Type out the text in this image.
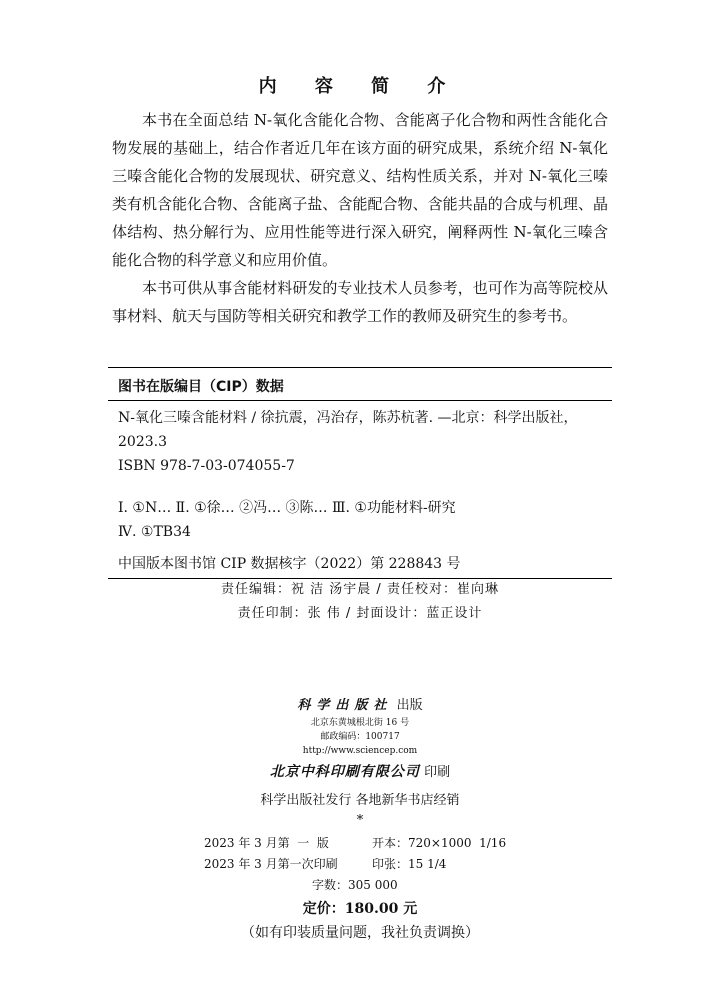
内 容 简 介

本书在全面总结 N-氧化含能化合物、含能离子化合物和两性含能化合物发展的基础上，结合作者近几年在该方面的研究成果，系统介绍 N-氧化三嗪含能化合物的发展现状、研究意义、结构性质关系，并对 N-氧化三嗪类有机含能化合物、含能离子盐、含能配合物、含能共晶的合成与机理、晶体结构、热分解行为、应用性能等进行深入研究，阐释两性 N-氧化三嗪含能化合物的科学意义和应用价值。

本书可供从事含能材料研发的专业技术人员参考，也可作为高等院校从事材料、航天与国防等相关研究和教学工作的教师及研究生的参考书。

图书在版编目（CIP）数据
N-氧化三嗪含能材料 / 徐抗震，冯治存，陈苏杭著. —北京：科学出版社，2023.3
ISBN 978-7-03-074055-7
Ⅰ. ①N… Ⅱ. ①徐… ②冯… ③陈… Ⅲ. ①功能材料-研究
Ⅳ. ①TB34
中国版本图书馆 CIP 数据核字（2022）第 228843 号
责任编辑：祝 洁 汤宇晨 / 责任校对：崔向琳
责任印制：张 伟 / 封面设计：蓝正设计
科学出版社 出版
北京东黄城根北街 16 号
邮政编码：100717
http://www.sciencep.com
北京中科印刷有限公司 印刷
科学出版社发行 各地新华书店经销
*
2023 年 3 月第  一  版	开本：720×1000  1/16
2023 年 3 月第一次印刷	印张：15 1/4
字数：305 000
定价：180.00 元
（如有印装质量问题，我社负责调换）
